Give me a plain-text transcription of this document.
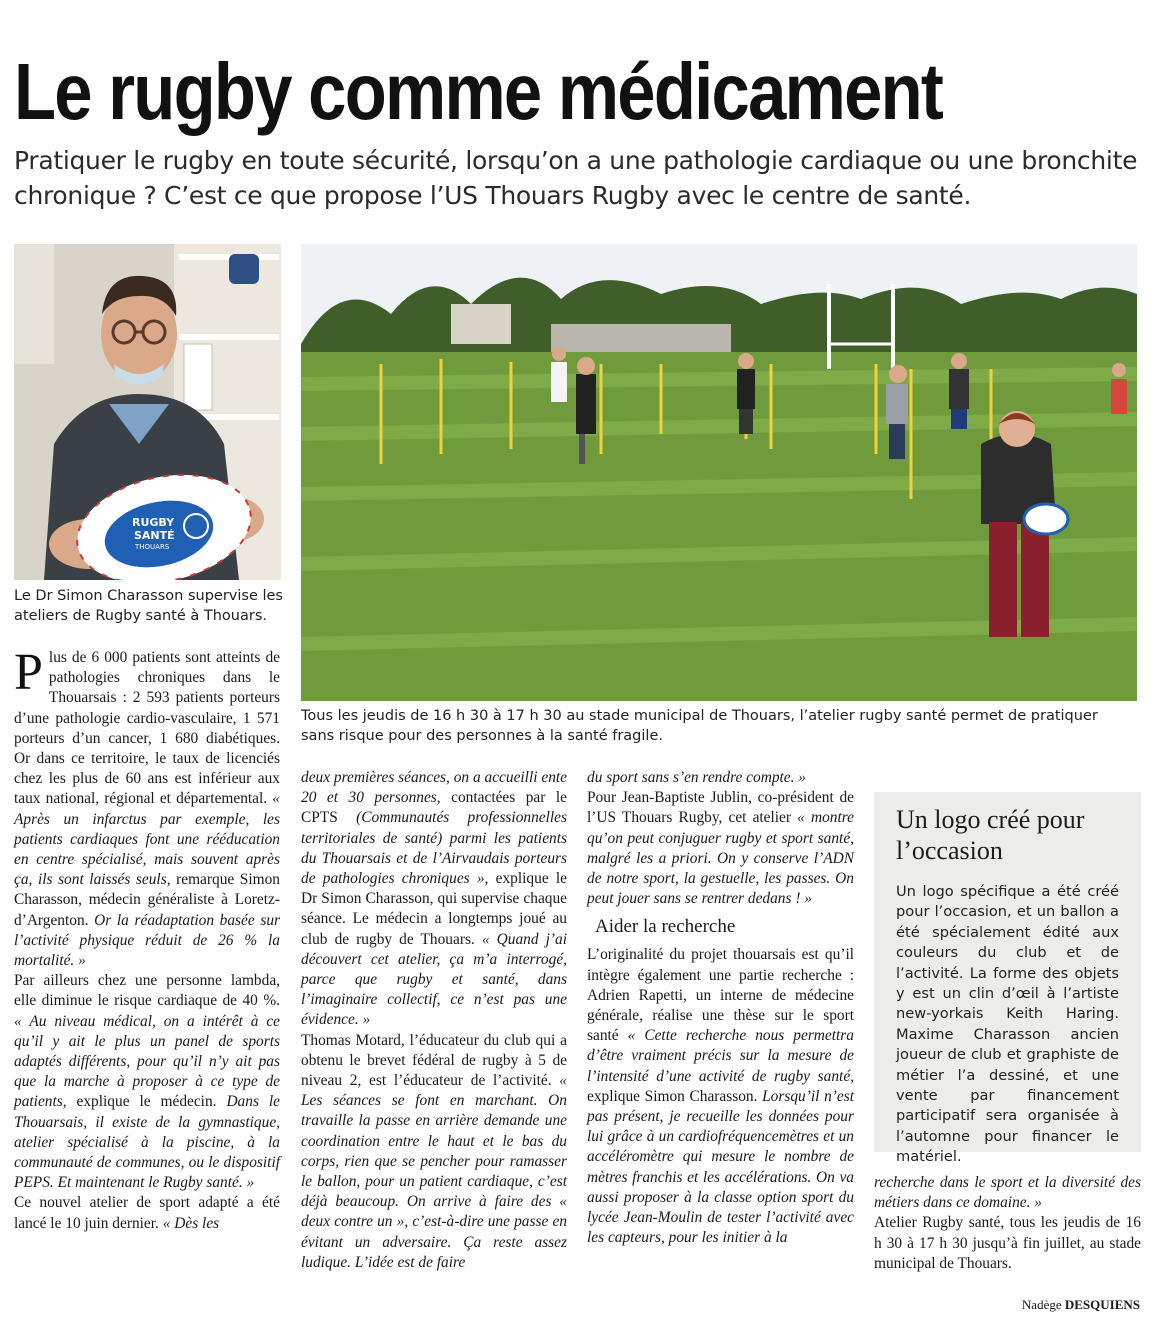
Le rugby comme médicament

Pratiquer le rugby en toute sécurité, lorsqu’on a une pathologie cardiaque ou une bronchite chronique ? C’est ce que propose l’US Thouars Rugby avec le centre de santé.

RUGBY
SANTÉ
THOUARS

Le Dr Simon Charasson supervise les ateliers de Rugby santé à Thouars.

Tous les jeudis de 16 h 30 à 17 h 30 au stade municipal de Thouars, l’atelier rugby santé permet de pratiquer sans risque pour des personnes à la santé fragile.

Plus de 6 000 patients sont atteints de pathologies chroniques dans le Thouarsais : 2 593 patients porteurs d’une pathologie cardio-vasculaire, 1 571 porteurs d’un cancer, 1 680 diabétiques. Or dans ce territoire, le taux de licenciés chez les plus de 60 ans est inférieur aux taux national, régional et départemental. « Après un infarctus par exemple, les patients cardiaques font une rééducation en centre spécialisé, mais souvent après ça, ils sont laissés seuls, remarque Simon Charasson, médecin généraliste à Loretz-d’Argenton. Or la réadaptation basée sur l’activité physique réduit de 26 % la mortalité. »

Par ailleurs chez une personne lambda, elle diminue le risque cardiaque de 40 %. « Au niveau médical, on a intérêt à ce qu’il y ait le plus un panel de sports adaptés différents, pour qu’il n’y ait pas que la marche à proposer à ce type de patients, explique le médecin. Dans le Thouarsais, il existe de la gymnastique, atelier spécialisé à la piscine, à la communauté de communes, ou le dispositif PEPS. Et maintenant le Rugby santé. »

Ce nouvel atelier de sport adapté a été lancé le 10 juin dernier. « Dès les

deux premières séances, on a accueilli ente 20 et 30 personnes, contactées par le CPTS (Communautés professionnelles territoriales de santé) parmi les patients du Thouarsais et de l’Airvaudais porteurs de pathologies chroniques », explique le Dr Simon Charasson, qui supervise chaque séance. Le médecin a longtemps joué au club de rugby de Thouars. « Quand j’ai découvert cet atelier, ça m’a interrogé, parce que rugby et santé, dans l’imaginaire collectif, ce n’est pas une évidence. »

Thomas Motard, l’éducateur du club qui a obtenu le brevet fédéral de rugby à 5 de niveau 2, est l’éducateur de l’activité. « Les séances se font en marchant. On travaille la passe en arrière demande une coordination entre le haut et le bas du corps, rien que se pencher pour ramasser le ballon, pour un patient cardiaque, c’est déjà beaucoup. On arrive à faire des « deux contre un », c’est-à-dire une passe en évitant un adversaire. Ça reste assez ludique. L’idée est de faire

du sport sans s’en rendre compte. »

Pour Jean-Baptiste Jublin, co-président de l’US Thouars Rugby, cet atelier « montre qu’on peut conjuguer rugby et sport santé, malgré les a priori. On y conserve l’ADN de notre sport, la gestuelle, les passes. On peut jouer sans se rentrer dedans ! »

Aider la recherche

L’originalité du projet thouarsais est qu’il intègre également une partie recherche : Adrien Rapetti, un interne de médecine générale, réalise une thèse sur le sport santé « Cette recherche nous permettra d’être vraiment précis sur la mesure de l’intensité d’une activité de rugby santé, explique Simon Charasson. Lorsqu’il n’est pas présent, je recueille les données pour lui grâce à un cardiofréquencemètres et un accéléromètre qui mesure le nombre de mètres franchis et les accélérations. On va aussi proposer à la classe option sport du lycée Jean-Moulin de tester l’activité avec les capteurs, pour les initier à la

Un logo créé pour l’occasion

Un logo spécifique a été créé pour l’occasion, et un ballon a été spécialement édité aux couleurs du club et de l’activité. La forme des objets y est un clin d’œil à l’artiste new-yorkais Keith Haring. Maxime Charasson ancien joueur de club et graphiste de métier l’a dessiné, et une vente par financement participatif sera organisée à l’automne pour financer le matériel.

recherche dans le sport et la diversité des métiers dans ce domaine. »

Atelier Rugby santé, tous les jeudis de 16 h 30 à 17 h 30 jusqu’à fin juillet, au stade municipal de Thouars.

Nadège DESQUIENS
